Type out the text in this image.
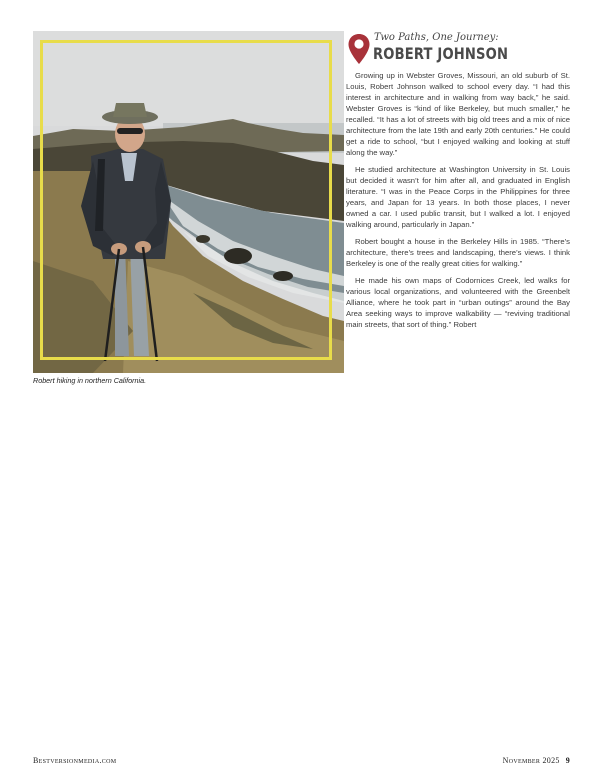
Robert hiking in northern California.
Two Paths, One Journey:
ROBERT JOHNSON

Growing up in Webster Groves, Missouri, an old suburb of St. Louis, Robert Johnson walked to school every day. “I had this interest in architecture and in walking from way back,” he said. Webster Groves is “kind of like Berkeley, but much smaller,” he recalled. “It has a lot of streets with big old trees and a mix of nice architecture from the late 19th and early 20th centuries.” He could get a ride to school, “but I enjoyed walking and looking at stuff along the way.”

He studied architecture at Washington University in St. Louis but decided it wasn’t for him after all, and graduated in English literature. “I was in the Peace Corps in the Philippines for three years, and Japan for 13 years. In both those places, I never owned a car. I used public transit, but I walked a lot. I enjoyed walking around, particularly in Japan.”

Robert bought a house in the Berkeley Hills in 1985. “There’s architecture, there’s trees and landscaping, there’s views. I think Berkeley is one of the really great cities for walking.”

He made his own maps of Codornices Creek, led walks for various local organizations, and volunteered with the Greenbelt Alliance, where he took part in “urban outings” around the Bay Area seeking ways to improve walkability — “reviving traditional main streets, that sort of thing.” Robert

Bestversionmedia.com	November 2025 9
